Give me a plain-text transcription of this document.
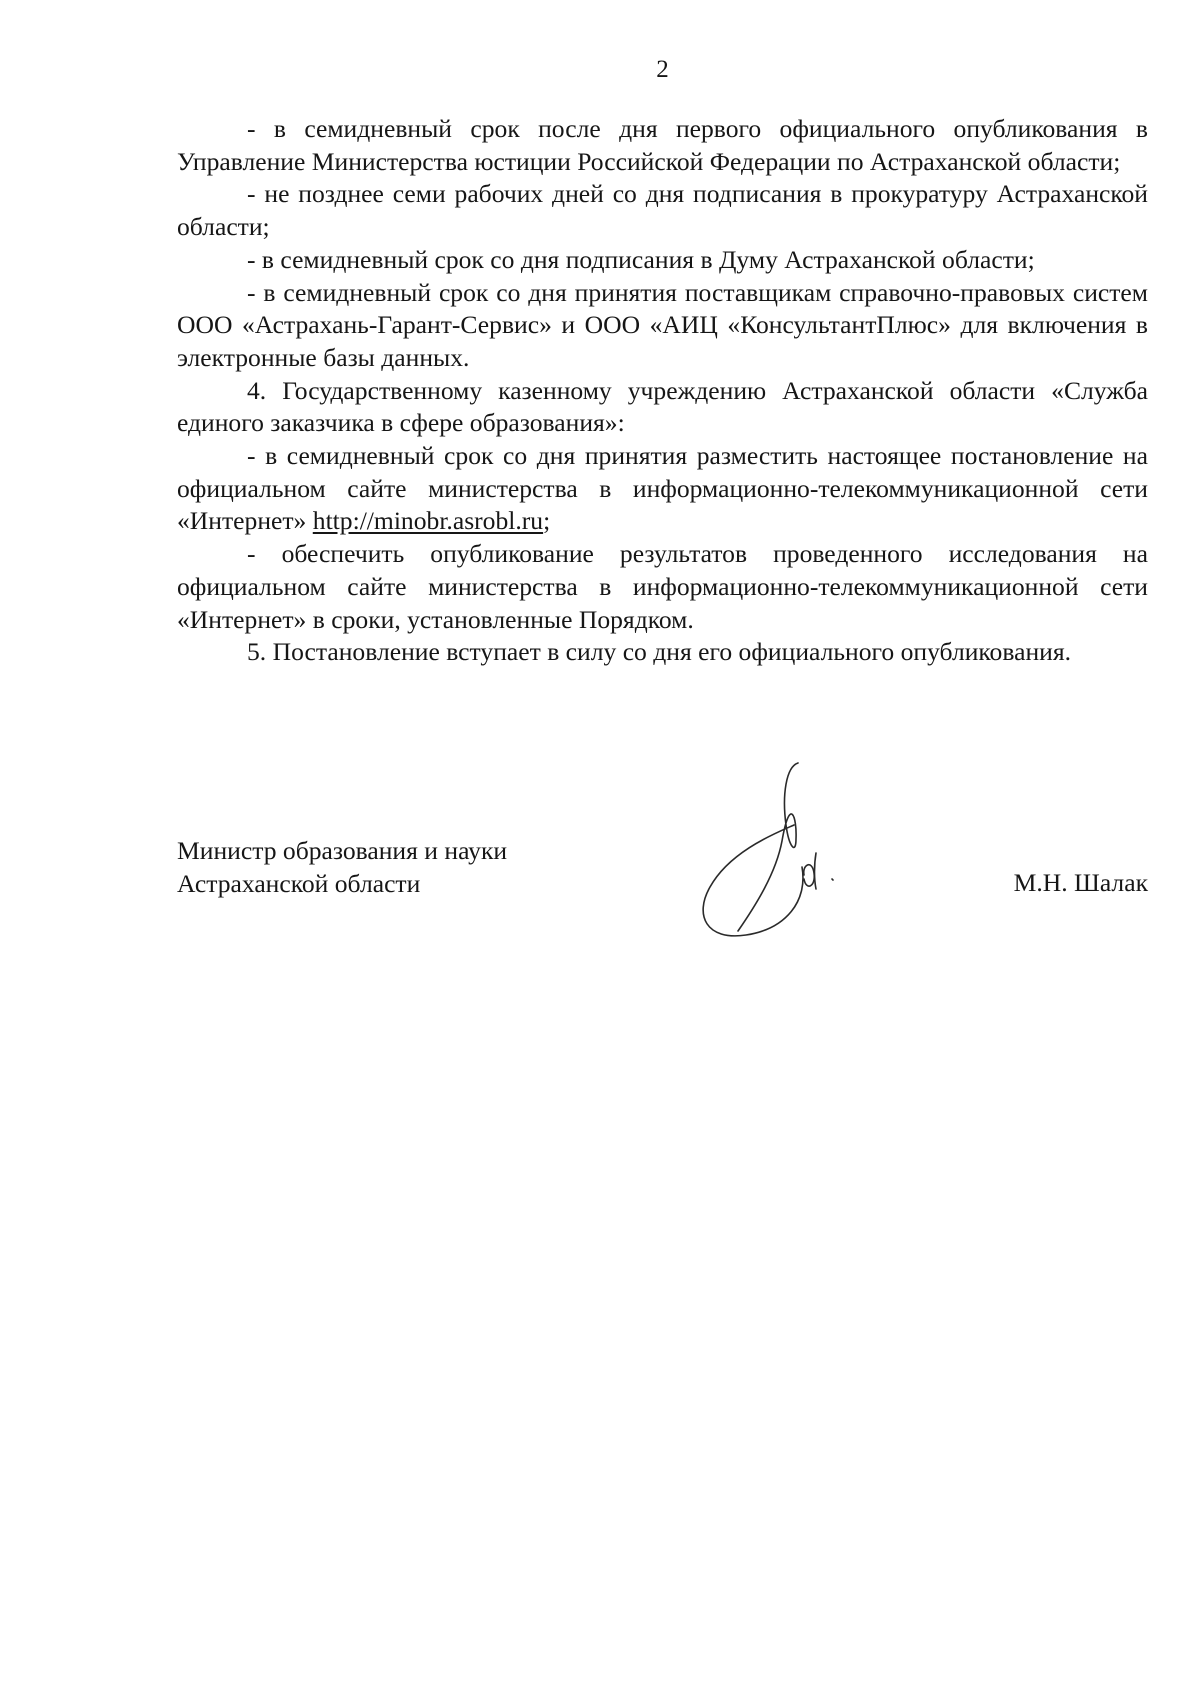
2

- в семидневный срок после дня первого официального опубликования в Управление Министерства юстиции Российской Федерации по Астраханской области;

- не позднее семи рабочих дней со дня подписания в прокуратуру Астраханской области;

- в семидневный срок со дня подписания в Думу Астраханской области;

- в семидневный срок со дня принятия поставщикам справочно-правовых систем ООО «Астрахань-Гарант-Сервис» и ООО «АИЦ «КонсультантПлюс» для включения в электронные базы данных.

4. Государственному казенному учреждению Астраханской области «Служба единого заказчика в сфере образования»:

- в семидневный срок со дня принятия разместить настоящее постановление на официальном сайте министерства в информационно-телекоммуникационной сети «Интернет» http://minobr.asrobl.ru;

- обеспечить опубликование результатов проведенного исследования на официальном сайте министерства в информационно-телекоммуникационной сети «Интернет» в сроки, установленные Порядком.

5. Постановление вступает в силу со дня его официального опубликования.

Министр образования и науки
Астраханской области	М.Н. Шалак
